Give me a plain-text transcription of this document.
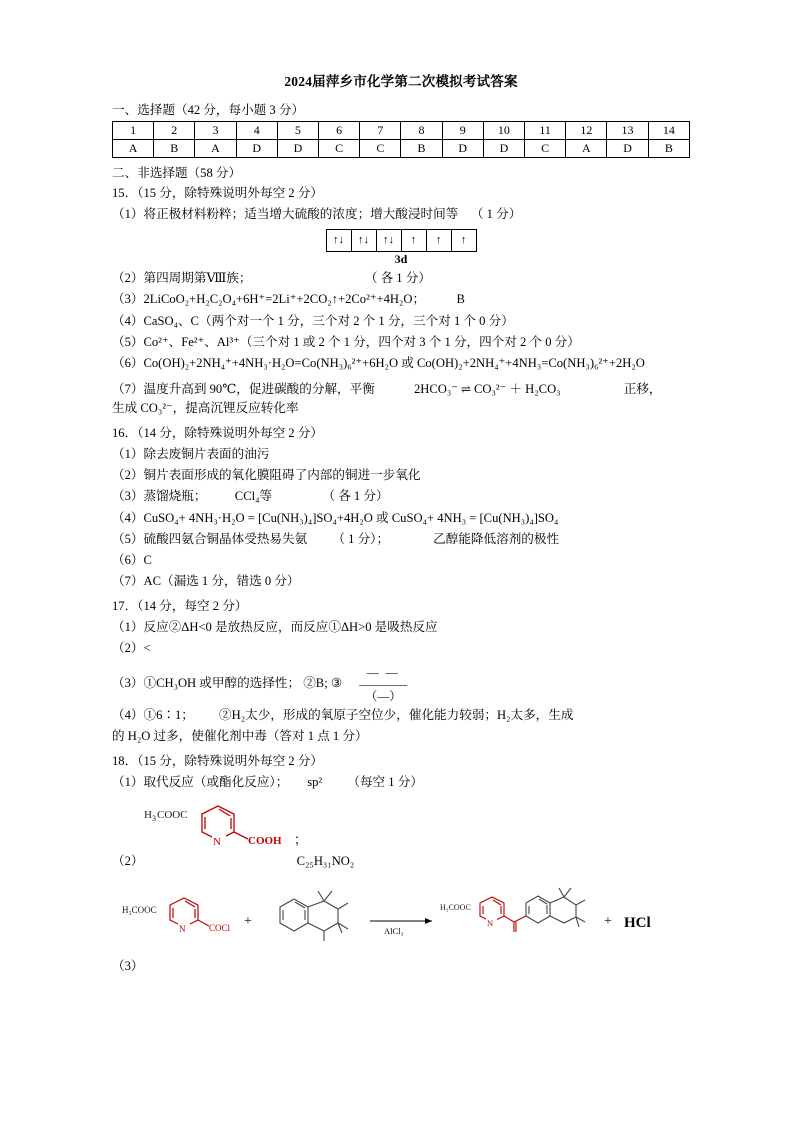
2024届萍乡市化学第二次模拟考试答案
一、选择题（42 分，每小题 3 分）
1	2	3	4	5	6	7	8	9	10	11	12	13	14
A	B	A	D	D	C	C	B	D	D	C	A	D	B
二、非选择题（58 分）
15．（15 分，除特殊说明外每空 2 分）
（1）将正极材料粉粹；适当增大硫酸的浓度；增大酸浸时间等    （ 1 分）
↑↓	↑↓	↑↓	↑	↑	↑
3d
（2）第四周期第Ⅷ族；                                    （ 各 1 分）
（3）2LiCoO₂+H₂C₂O₄+6H⁺=2Li⁺+2CO₂↑+2Co²⁺+4H₂O；          B
（4）CaSO₄、C（两个对一个 1 分，三个对 2 个 1 分，三个对 1 个 0 分）
（5）Co²⁺、Fe²⁺、Al³⁺（三个对 1 或 2 个 1 分，四个对 3 个 1 分，四个对 2 个 0 分）
（6）Co(OH)₂+2NH₄⁺+4NH₃·H₂O=Co(NH₃)₆²⁺+6H₂O 或 Co(OH)₂+2NH₄⁺+4NH₃=Co(NH₃)₆²⁺+2H₂O
（7）温度升高到 90℃，促进碳酸的分解，平衡	2HCO₃⁻ ⇌ CO₃²⁻ ＋ H₂CO₃	正移，
生成 CO₃²⁻，提高沉锂反应转化率
16．（14 分，除特殊说明外每空 2 分）
（1）除去废铜片表面的油污
（2）铜片表面形成的氧化膜阻碍了内部的铜进一步氧化
（3）蒸馏烧瓶；         CCl₄等                （ 各 1 分）
（4）CuSO₄+ 4NH₃·H₂O = [Cu(NH₃)₄]SO₄+4H₂O 或 CuSO₄+ 4NH₃ = [Cu(NH₃)₄]SO₄
（5）硫酸四氨合铜晶体受热易失氨        （ 1 分）；              乙醇能降低溶剂的极性
（6）C
（7）AC（漏选 1 分，错选 0 分）
17．（14 分，每空 2 分）
（1）反应②ΔH<0 是放热反应，而反应①ΔH>0 是吸热反应
（2）<
（3）①CH₃OH 或甲醇的选择性； ②B; ③
— —
————
（—）
（4）①6∶1；        ②H₂太少，形成的氧原子空位少，催化能力较弱；H₂太多，生成
的 H₂O 过多，使催化剂中毒（答对 1 点 1 分）
18．（15 分，除特殊说明外每空 2 分）
（1）取代反应（或酯化反应）；      sp²        （每空 1 分）
H 3 COOC
N COOH ；
（2）	C₂₅H₃₁NO₂
H₃COOC
N	COCl +
AlCl₃
H₃COOC
N	+ HCl
（3）
